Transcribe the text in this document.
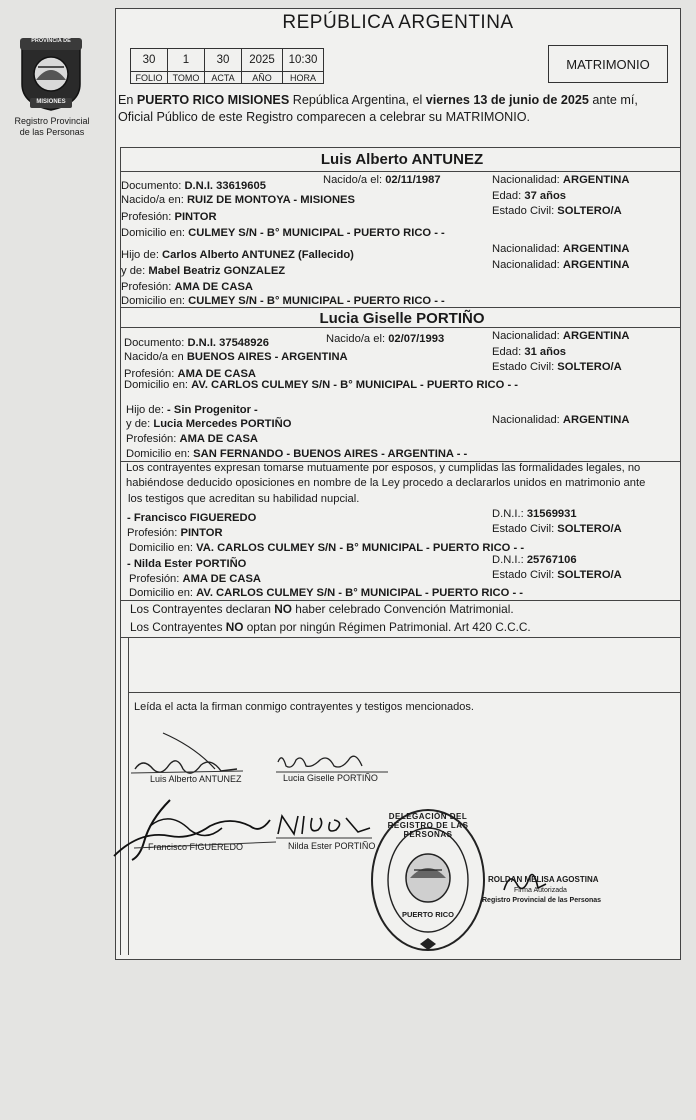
PROVINCIA DE
MISIONES
Registro Provincial
de las Personas
REPÚBLICA ARGENTINA
30	1	30	2025	10:30
FOLIO	TOMO	ACTA	AÑO	HORA
MATRIMONIO
En PUERTO RICO MISIONES República Argentina, el viernes 13 de junio de 2025 ante mí,
Oficial Público de este Registro comparecen a celebrar su MATRIMONIO.
Luis Alberto ANTUNEZ
Documento: D.N.I. 33619605	Nacido/a el: 02/11/1987	Nacionalidad: ARGENTINA
Nacido/a en: RUIZ DE MONTOYA - MISIONES	Edad: 37 años
Profesión: PINTOR	Estado Civil: SOLTERO/A
Domicilio en: CULMEY S/N - B° MUNICIPAL - PUERTO RICO - -
Hijo de: Carlos Alberto ANTUNEZ (Fallecido)	Nacionalidad: ARGENTINA
y de: Mabel Beatriz GONZALEZ	Nacionalidad: ARGENTINA
Profesión: AMA DE CASA
Domicilio en: CULMEY S/N - B° MUNICIPAL - PUERTO RICO - -
Lucia Giselle PORTIÑO
Documento: D.N.I. 37548926	Nacido/a el: 02/07/1993	Nacionalidad: ARGENTINA
Nacido/a en BUENOS AIRES - ARGENTINA	Edad: 31 años
Profesión: AMA DE CASA
Estado Civil: SOLTERO/A
Domicilio en: AV. CARLOS CULMEY S/N - B° MUNICIPAL - PUERTO RICO - -
Hijo de: - Sin Progenitor -
y de: Lucia Mercedes PORTIÑO	Nacionalidad: ARGENTINA
Profesión: AMA DE CASA
Domicilio en: SAN FERNANDO - BUENOS AIRES - ARGENTINA - -
Los contrayentes expresan tomarse mutuamente por esposos, y cumplidas las formalidades legales, no
habiéndose deducido oposiciones en nombre de la Ley procedo a declararlos unidos en matrimonio ante
los testigos que acreditan su habilidad nupcial.
- Francisco FIGUEREDO	D.N.I.: 31569931
Profesión: PINTOR	Estado Civil: SOLTERO/A
Domicilio en: VA. CARLOS CULMEY S/N - B° MUNICIPAL - PUERTO RICO - -
- Nilda Ester PORTIÑO	D.N.I.: 25767106
Profesión: AMA DE CASA	Estado Civil: SOLTERO/A
Domicilio en: AV. CARLOS CULMEY S/N - B° MUNICIPAL - PUERTO RICO - -
Los Contrayentes declaran NO haber celebrado Convención Matrimonial.
Los Contrayentes NO optan por ningún Régimen Patrimonial. Art 420 C.C.C.
Leída el acta la firman conmigo contrayentes y testigos mencionados.
Luis Alberto ANTUNEZ	Lucia Giselle PORTIÑO
Francisco FIGUEREDO	Nilda Ester PORTIÑO
DELEGACIÓN DEL REGISTRO DE LAS PERSONAS
PUERTO RICO
ROLDAN MELISA AGOSTINA
Firma Autorizada
Registro Provincial de las Personas
